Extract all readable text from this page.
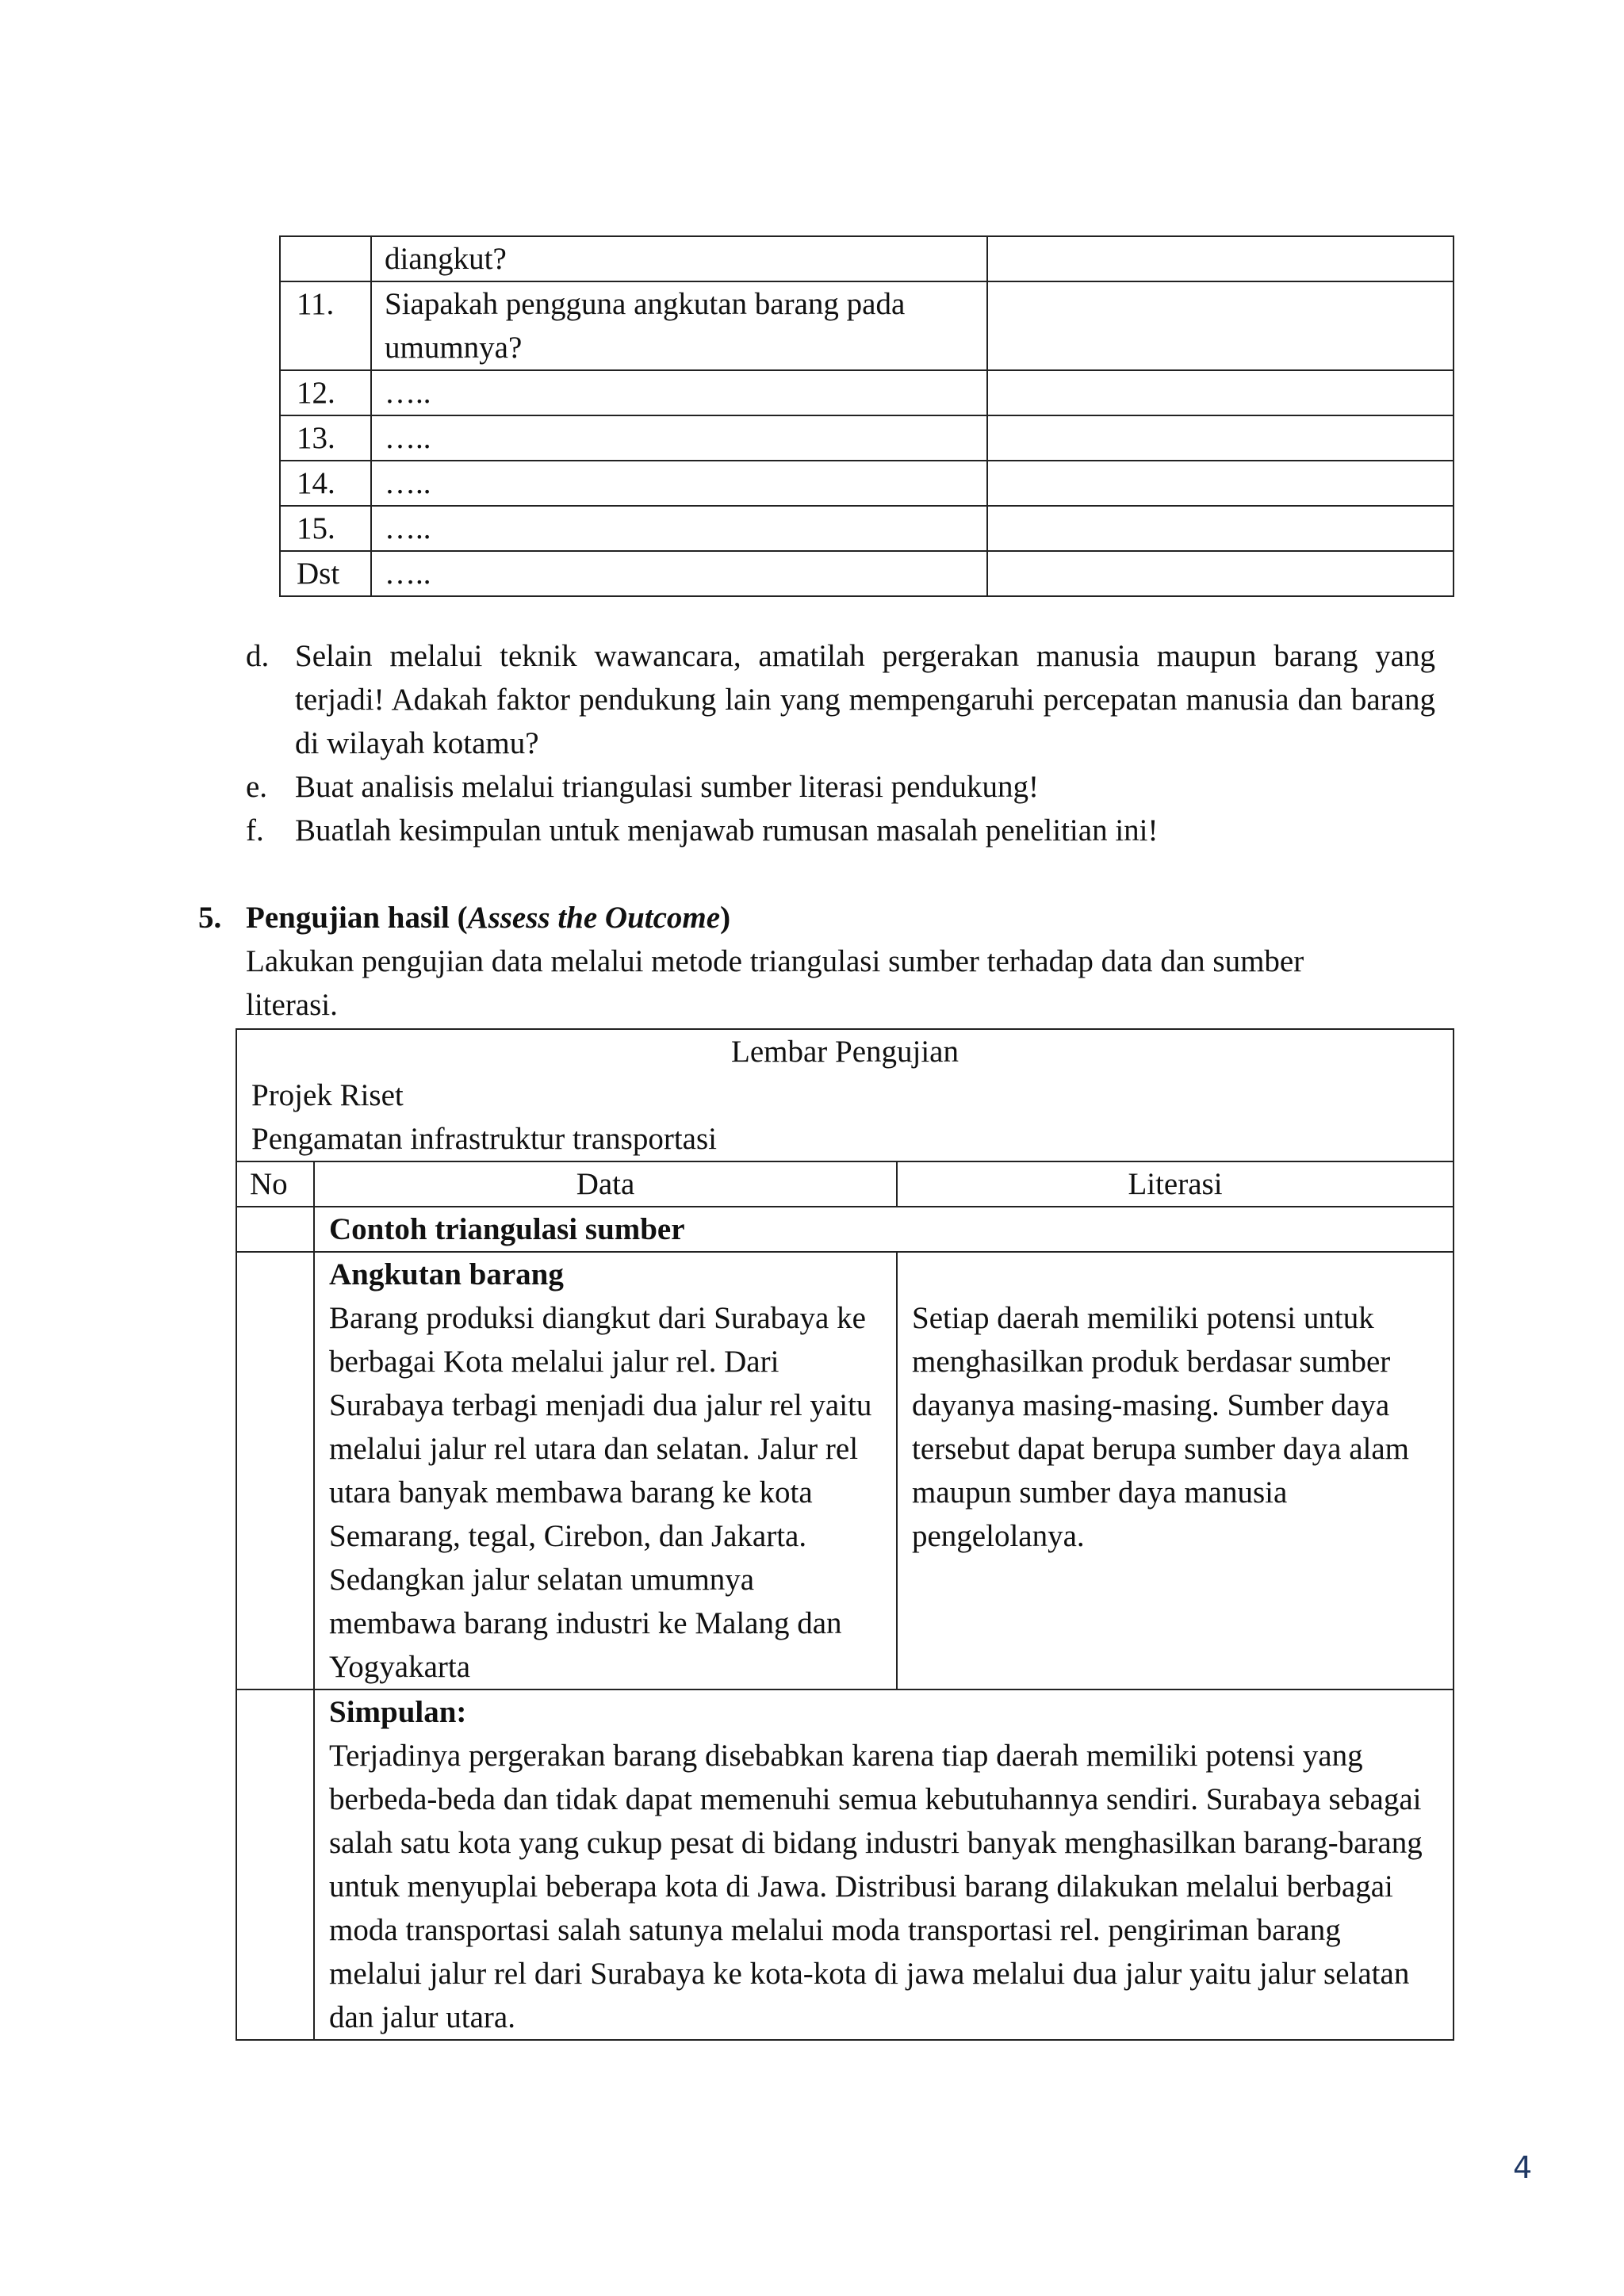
	diangkut?	
11.	Siapakah pengguna angkutan barang pada umumnya?	
12.	…..	
13.	…..	
14.	…..	
15.	…..	
Dst	…..	
d. Selain melalui teknik wawancara, amatilah pergerakan manusia maupun barang yang terjadi! Adakah faktor pendukung lain yang mempengaruhi percepatan manusia dan barang di wilayah kotamu?
e. Buat analisis melalui triangulasi sumber literasi pendukung!
f.	Buatlah kesimpulan untuk menjawab rumusan masalah penelitian ini!
5. Pengujian hasil (Assess the Outcome)
Lakukan pengujian data melalui metode triangulasi sumber terhadap data dan sumber literasi.
Lembar Pengujian
Projek Riset
Pengamatan infrastruktur transportasi		

No	Data	Literasi
	Contoh triangulasi sumber	

	Angkutan barang
Barang produksi diangkut dari Surabaya ke berbagai Kota melalui jalur rel. Dari Surabaya terbagi menjadi dua jalur rel yaitu melalui jalur rel utara dan selatan. Jalur rel utara banyak membawa barang ke kota Semarang, tegal, Cirebon, dan Jakarta. Sedangkan jalur selatan umumnya membawa barang industri ke Malang dan Yogyakarta	Setiap daerah memiliki potensi untuk menghasilkan produk berdasar sumber dayanya masing-masing. Sumber daya tersebut dapat berupa sumber daya alam maupun sumber daya manusia pengelolanya.

	Simpulan:
Terjadinya pergerakan barang disebabkan karena tiap daerah memiliki potensi yang berbeda-beda dan tidak dapat memenuhi semua kebutuhannya sendiri. Surabaya sebagai salah satu kota yang cukup pesat di bidang industri banyak menghasilkan barang-barang untuk menyuplai beberapa kota di Jawa. Distribusi barang dilakukan melalui berbagai moda transportasi salah satunya melalui moda transportasi rel. pengiriman barang melalui jalur rel dari Surabaya ke kota-kota di jawa melalui dua jalur yaitu jalur selatan dan jalur utara.	
4
